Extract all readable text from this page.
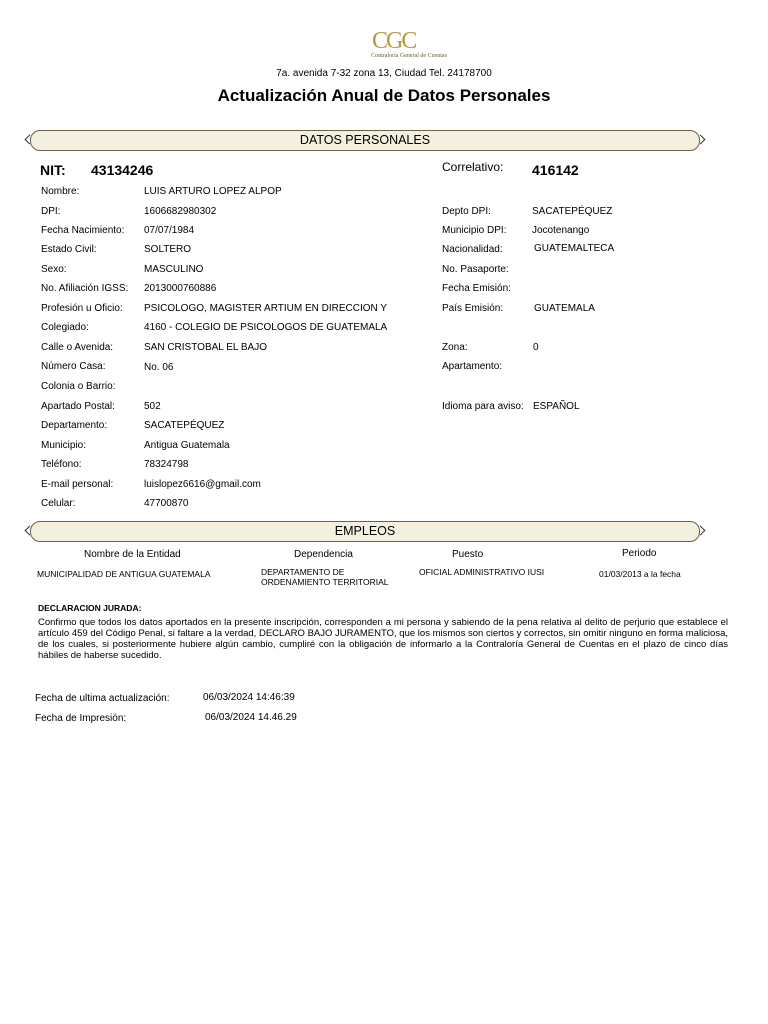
CGC
Contraloría General de Cuentas
7a. avenida 7-32 zona 13, Ciudad Tel. 24178700
Actualización Anual de Datos Personales
DATOS PERSONALES
NIT: 43134246	Correlativo: 416142
Nombre:	LUIS ARTURO LOPEZ ALPOP
DPI:	1606682980302
Fecha Nacimiento: 07/07/1984
Estado Civil:	SOLTERO
Sexo:	MASCULINO
No. Afiliación IGSS: 2013000760886
Profesión u Oficio: PSICOLOGO, MAGISTER ARTIUM EN DIRECCION Y
Colegiado:	4160 - COLEGIO DE PSICOLOGOS DE GUATEMALA
Calle o Avenida:	SAN CRISTOBAL EL BAJO
Número Casa:	No. 06
Colonia o Barrio:
Apartado Postal:	502
Departamento:	SACATEPÉQUEZ
Municipio:	Antigua Guatemala
Teléfono:	78324798
E-mail personal:	luislopez6616@gmail.com
Celular:	47700870
Depto DPI:	SACATEPÉQUEZ
Municipio DPI:	Jocotenango
Nacionalidad:	GUATEMALTECA
No. Pasaporte:
Fecha Emisión:
País Emisión:	GUATEMALA
Zona:	0
Apartamento:
Idioma para aviso: ESPAÑOL
EMPLEOS
Nombre de la Entidad	Dependencia	Puesto	Periodo
MUNICIPALIDAD DE ANTIGUA GUATEMALA	DEPARTAMENTO DE
ORDENAMIENTO TERRITORIAL
OFICIAL ADMINISTRATIVO IUSI	01/03/2013 a la fecha
DECLARACION JURADA:
Confirmo que todos los datos aportados en la presente inscripción, corresponden a mi persona y sabiendo de la pena relativa al delito de perjurio que establece el artículo 459 del Código Penal, si faltare a la verdad, DECLARO BAJO JURAMENTO, que los mismos son ciertos y correctos, sin omitir ninguno en forma maliciosa, de los cuales, si posteriormente hubiere algún cambio, cumpliré con la obligación de informarlo a la Contraloría General de Cuentas en el plazo de cinco días hábiles de haberse sucedido.
Fecha de ultima actualización:	06/03/2024 14:46:39
Fecha de Impresión:	06/03/2024 14.46.29
